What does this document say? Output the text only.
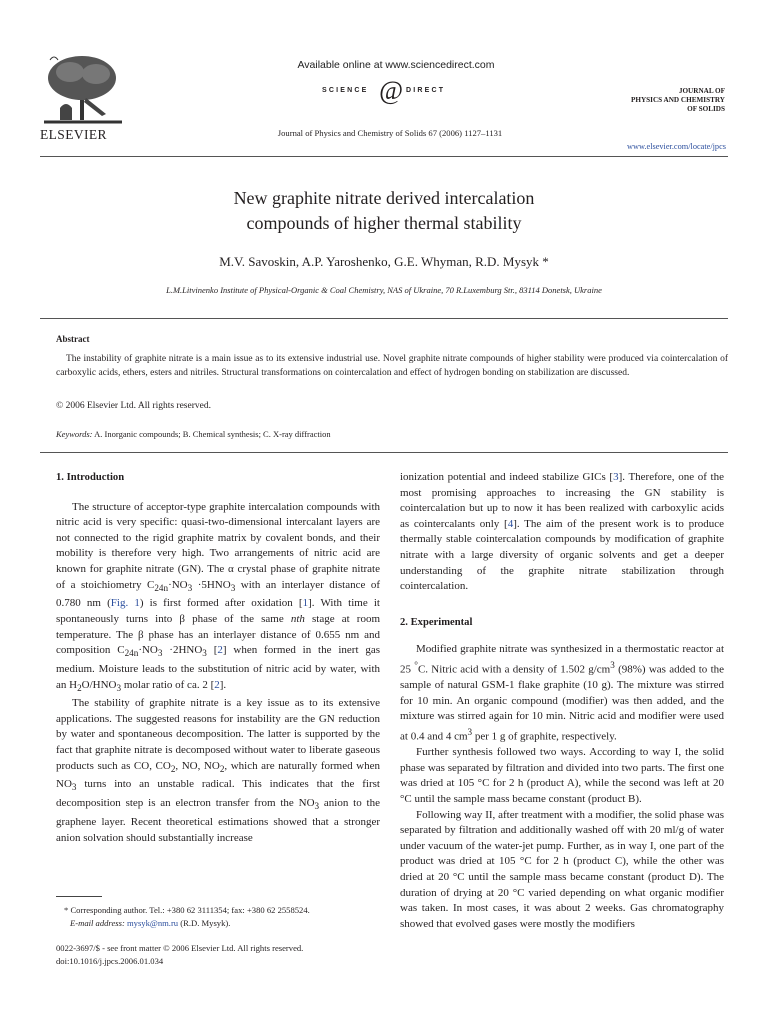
ELSEVIER
Available online at www.sciencedirect.com
SCIENCE @ DIRECT
Journal of Physics and Chemistry of Solids 67 (2006) 1127–1131
JOURNAL OF
PHYSICS AND CHEMISTRY
OF SOLIDS
www.elsevier.com/locate/jpcs
New graphite nitrate derived intercalation
compounds of higher thermal stability
M.V. Savoskin, A.P. Yaroshenko, G.E. Whyman, R.D. Mysyk *
L.M.Litvinenko Institute of Physical-Organic & Coal Chemistry, NAS of Ukraine, 70 R.Luxemburg Str., 83114 Donetsk, Ukraine
Abstract
The instability of graphite nitrate is a main issue as to its extensive industrial use. Novel graphite nitrate compounds of higher stability were produced via cointercalation of carboxylic acids, ethers, esters and nitriles. Structural transformations on cointercalation and effect of hydrogen bonding on stabilization are discussed.
© 2006 Elsevier Ltd. All rights reserved.
Keywords: A. Inorganic compounds; B. Chemical synthesis; C. X-ray diffraction
1. Introduction

The structure of acceptor-type graphite intercalation compounds with nitric acid is very specific: quasi-two-dimensional intercalant layers are not connected to the rigid graphite matrix by covalent bonds, and their mobility is therefore very high. Two arrangements of nitric acid are known for graphite nitrate (GN). The α crystal phase of graphite nitrate of a stoichiometry $C_{24n}\cdot NO_3 \cdot 5HNO_3$ with an interlayer distance of 0.780 nm (Fig. 1) is first formed after oxidation [1]. With time it spontaneously turns into β phase of the same nth stage at room temperature. The β phase has an interlayer distance of 0.655 nm and composition $C_{24n}\cdot NO_3 \cdot 2HNO_3$ [2] when formed in the inert gas medium. Moisture leads to the substitution of nitric acid by water, with an $H_2O/HNO_3$ molar ratio of ca. 2 [2].

The stability of graphite nitrate is a key issue as to its extensive applications. The suggested reasons for instability are the GN reduction by water and spontaneous decomposition. The latter is supported by the fact that graphite nitrate is decomposed without water to liberate gaseous products such as CO, $CO_2$, NO, $NO_2$, which are naturally formed when $NO_3$ turns into an unstable radical. This indicates that the first decomposition step is an electron transfer from the $NO_3$ anion to the graphene layer. Recent theoretical estimations showed that a stronger anion solvation should substantially increase

ionization potential and indeed stabilize GICs [3]. Therefore, one of the most promising approaches to increasing the GN stability is cointercalation but up to now it has been realized with carboxylic acids as cointercalants only [4]. The aim of the present work is to produce thermally stable cointercalation compounds by modification of graphite nitrate with a large diversity of organic solvents and get a deeper understanding of the graphite nitrate stabilization through cointercalation.

2. Experimental

Modified graphite nitrate was synthesized in a thermostatic reactor at 25 °C. Nitric acid with a density of 1.502 $g/cm^3$ (98%) was added to the sample of natural GSM-1 flake graphite (10 g). The mixture was stirred for 10 min. An organic compound (modifier) was then added, and the mixture was stirred again for 10 min. Nitric acid and modifier were used at 0.4 and 4 $cm^3$ per 1 g of graphite, respectively.

Further synthesis followed two ways. According to way I, the solid phase was separated by filtration and divided into two parts. The first one was dried at 105 °C for 2 h (product A), while the second was left at 20 °C until the sample mass became constant (product B).

Following way II, after treatment with a modifier, the solid phase was separated by filtration and additionally washed off with 20 ml/g of water under vacuum of the water-jet pump. Further, as in way I, one part of the product was dried at 105 °C for 2 h (product C), while the other was dried at 20 °C until the sample mass became constant (product D). The duration of drying at 20 °C varied depending on what organic modifier was taken. In most cases, it was about 2 weeks. Gas chromatography showed that evolved gases were mostly the modifiers

* Corresponding author. Tel.: +380 62 3111354; fax: +380 62 2558524.
E-mail address: mysyk@nm.ru (R.D. Mysyk).
0022-3697/$ - see front matter © 2006 Elsevier Ltd. All rights reserved.
doi:10.1016/j.jpcs.2006.01.034
